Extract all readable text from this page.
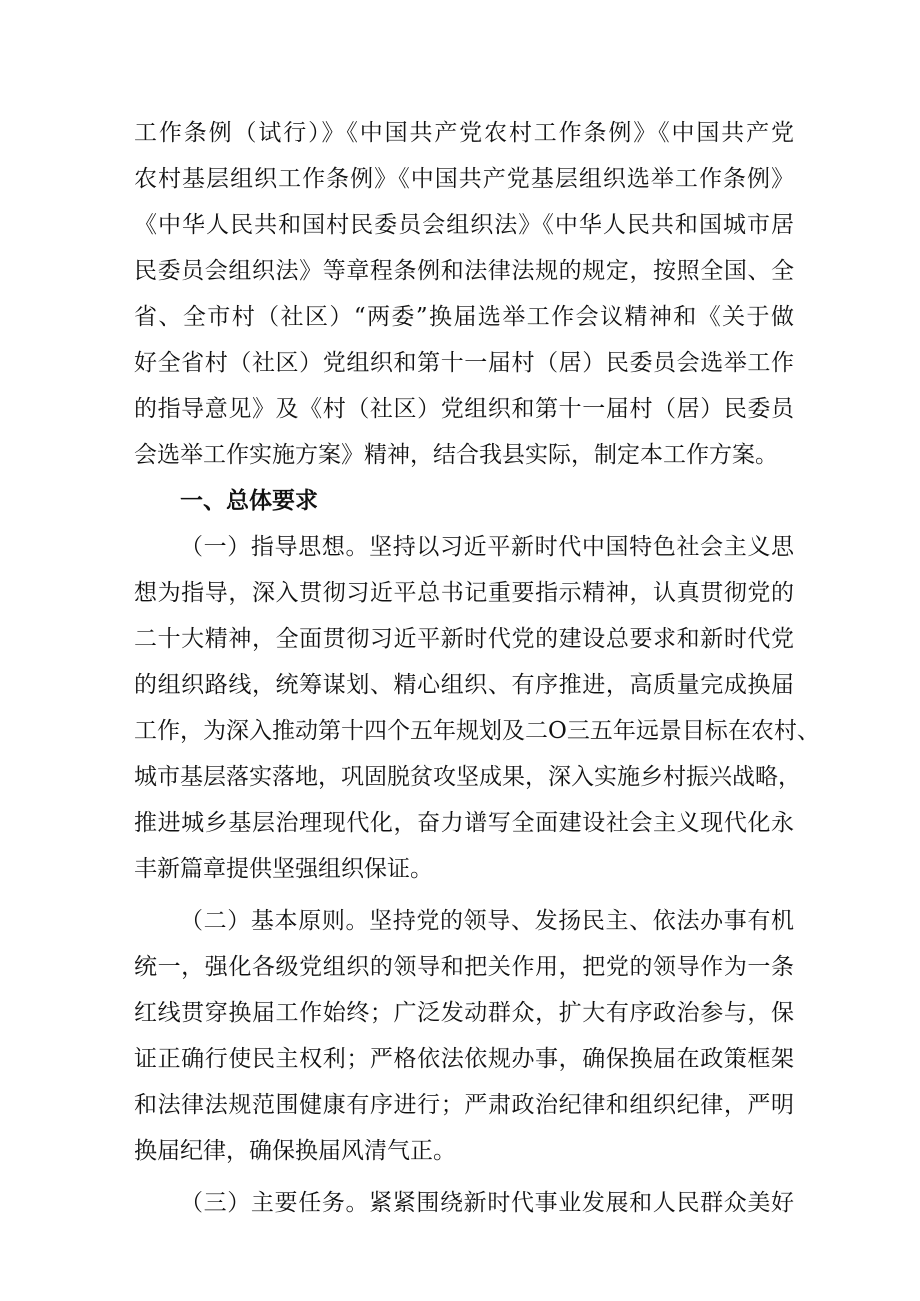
工作条例（试行）》《中国共产党农村工作条例》《中国共产党
农村基层组织工作条例》《中国共产党基层组织选举工作条例》
《中华人民共和国村民委员会组织法》《中华人民共和国城市居
民委员会组织法》等章程条例和法律法规的规定，按照全国、全
省、全市村（社区）“两委”换届选举工作会议精神和《关于做
好全省村（社区）党组织和第十一届村（居）民委员会选举工作
的指导意见》及《村（社区）党组织和第十一届村（居）民委员
会选举工作实施方案》精神，结合我县实际，制定本工作方案。
一、总体要求
（一）指导思想。坚持以习近平新时代中国特色社会主义思
想为指导，深入贯彻习近平总书记重要指示精神，认真贯彻党的
二十大精神，全面贯彻习近平新时代党的建设总要求和新时代党
的组织路线，统筹谋划、精心组织、有序推进，高质量完成换届
工作，为深入推动第十四个五年规划及二O三五年远景目标在农村、
城市基层落实落地，巩固脱贫攻坚成果，深入实施乡村振兴战略，
推进城乡基层治理现代化，奋力谱写全面建设社会主义现代化永
丰新篇章提供坚强组织保证。
（二）基本原则。坚持党的领导、发扬民主、依法办事有机
统一，强化各级党组织的领导和把关作用，把党的领导作为一条
红线贯穿换届工作始终；广泛发动群众，扩大有序政治参与，保
证正确行使民主权利；严格依法依规办事，确保换届在政策框架
和法律法规范围健康有序进行；严肃政治纪律和组织纪律，严明
换届纪律，确保换届风清气正。
（三）主要任务。紧紧围绕新时代事业发展和人民群众美好
